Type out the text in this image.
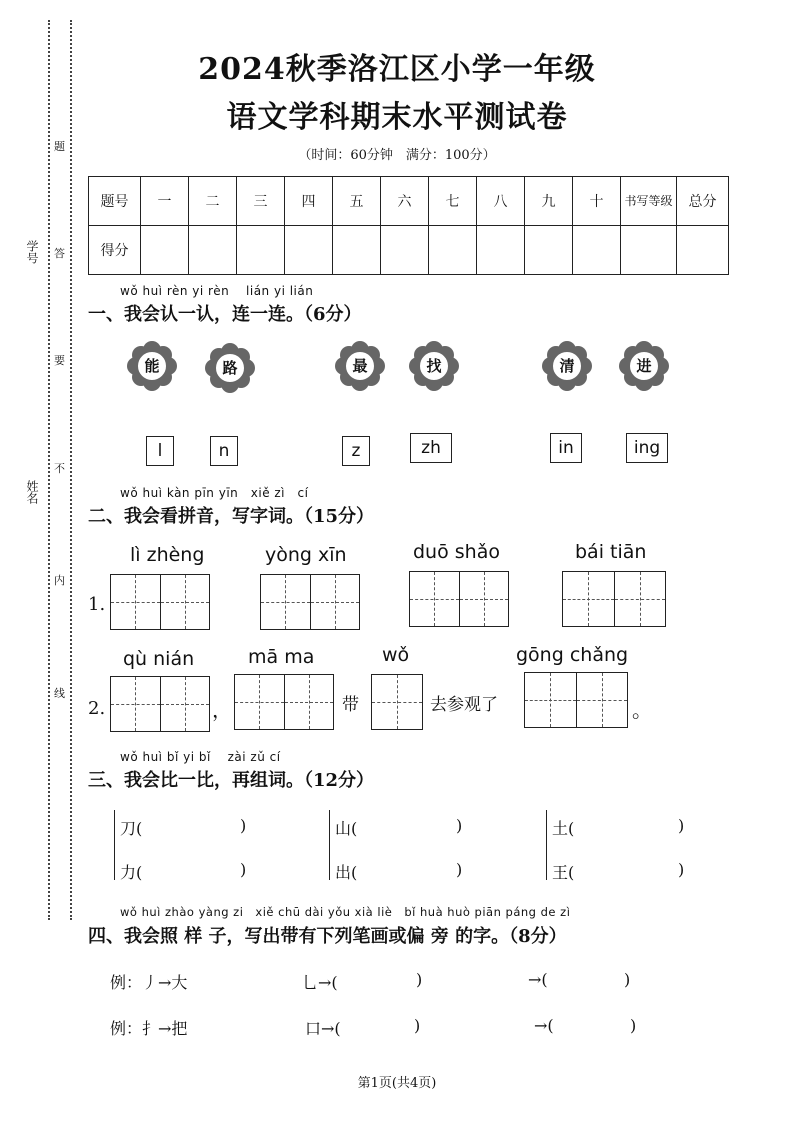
学号
姓名
题
答
要
不
内
线
2024秋季洛江区小学一年级
语文学科期末水平测试卷
（时间：60分钟　满分：100分）
题号	一	二	三	四	五	六	七	八	九	十	书写等级	总分
得分												
wǒ huì rèn yi rèn　 lián yi lián
一、我会认一认，连一连。（6分）
能	路	最	找	清	进
l	n	z	zh	in	ing
wǒ huì kàn pīn yīn　xiě zì　cí
二、我会看拼音，写字词。（15分）
lì zhèng	yòng xīn	duō shǎo	bái tiān
1.
qù nián	mā ma	wǒ	gōng chǎng
2.	，	带	去参观了	。
wǒ huì bǐ yi bǐ　 zài zǔ cí
三、我会比一比，再组词。（12分）
刀(	)
力(	)
山(	)
出(	)
土(	)
王(	)
wǒ huì zhào yàng zi　xiě chū dài yǒu xià liè　bǐ huà huò piān páng de zì
四、我会照 样 子，写出带有下列笔画或偏 旁 的字。（8分）
例：丿→大	乚→(	)	→(	)
例：扌→把	口→(	)	→(	)
第1页(共4页)
